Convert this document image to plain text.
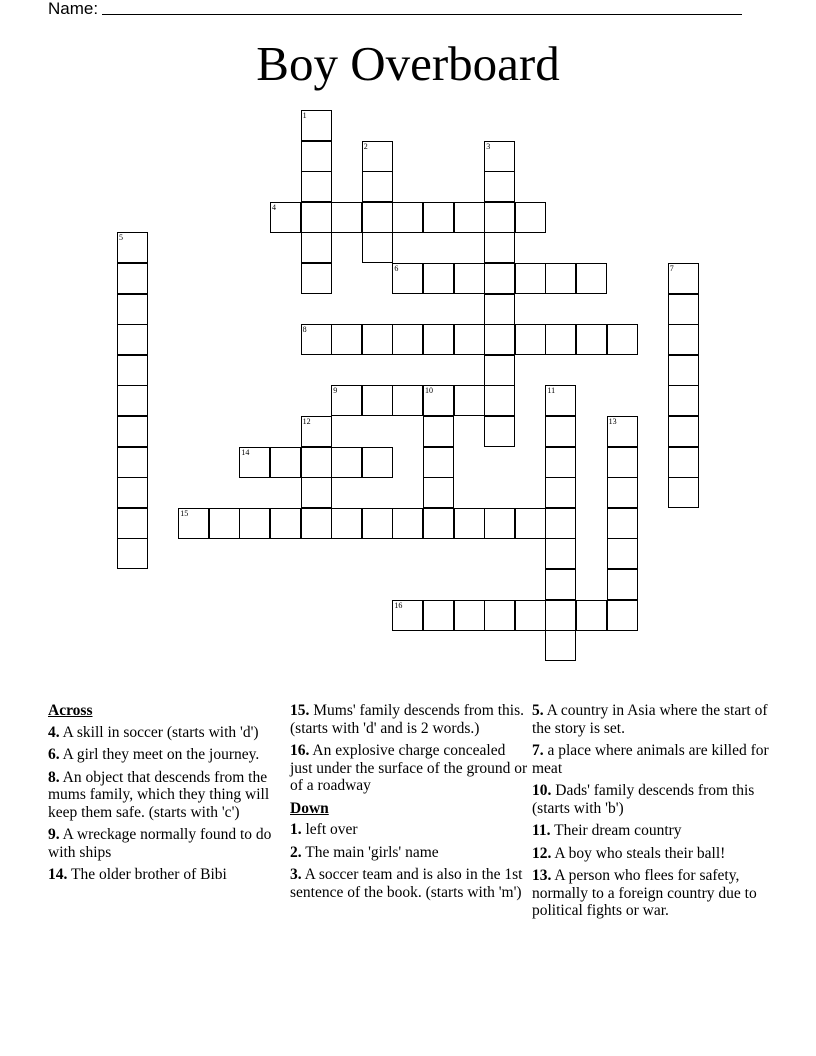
Name:
Boy Overboard
1
2	3
4
5
6	7
8
9	10	11
12	13
14
15
16
Across
4. A skill in soccer (starts with 'd')
6. A girl they meet on the journey.
8. An object that descends from the mums family, which they thing will keep them safe. (starts with 'c')
9. A wreckage normally found to do with ships
14. The older brother of Bibi
15. Mums' family descends from this. (starts with 'd' and is 2 words.)
16. An explosive charge concealed just under the surface of the ground or of a roadway
Down
1. left over
2. The main 'girls' name
3. A soccer team and is also in the 1st sentence of the book. (starts with 'm')
5. A country in Asia where the start of the story is set.
7. a place where animals are killed for meat
10. Dads' family descends from this (starts with 'b')
11. Their dream country
12. A boy who steals their ball!
13. A person who flees for safety, normally to a foreign country due to political fights or war.
